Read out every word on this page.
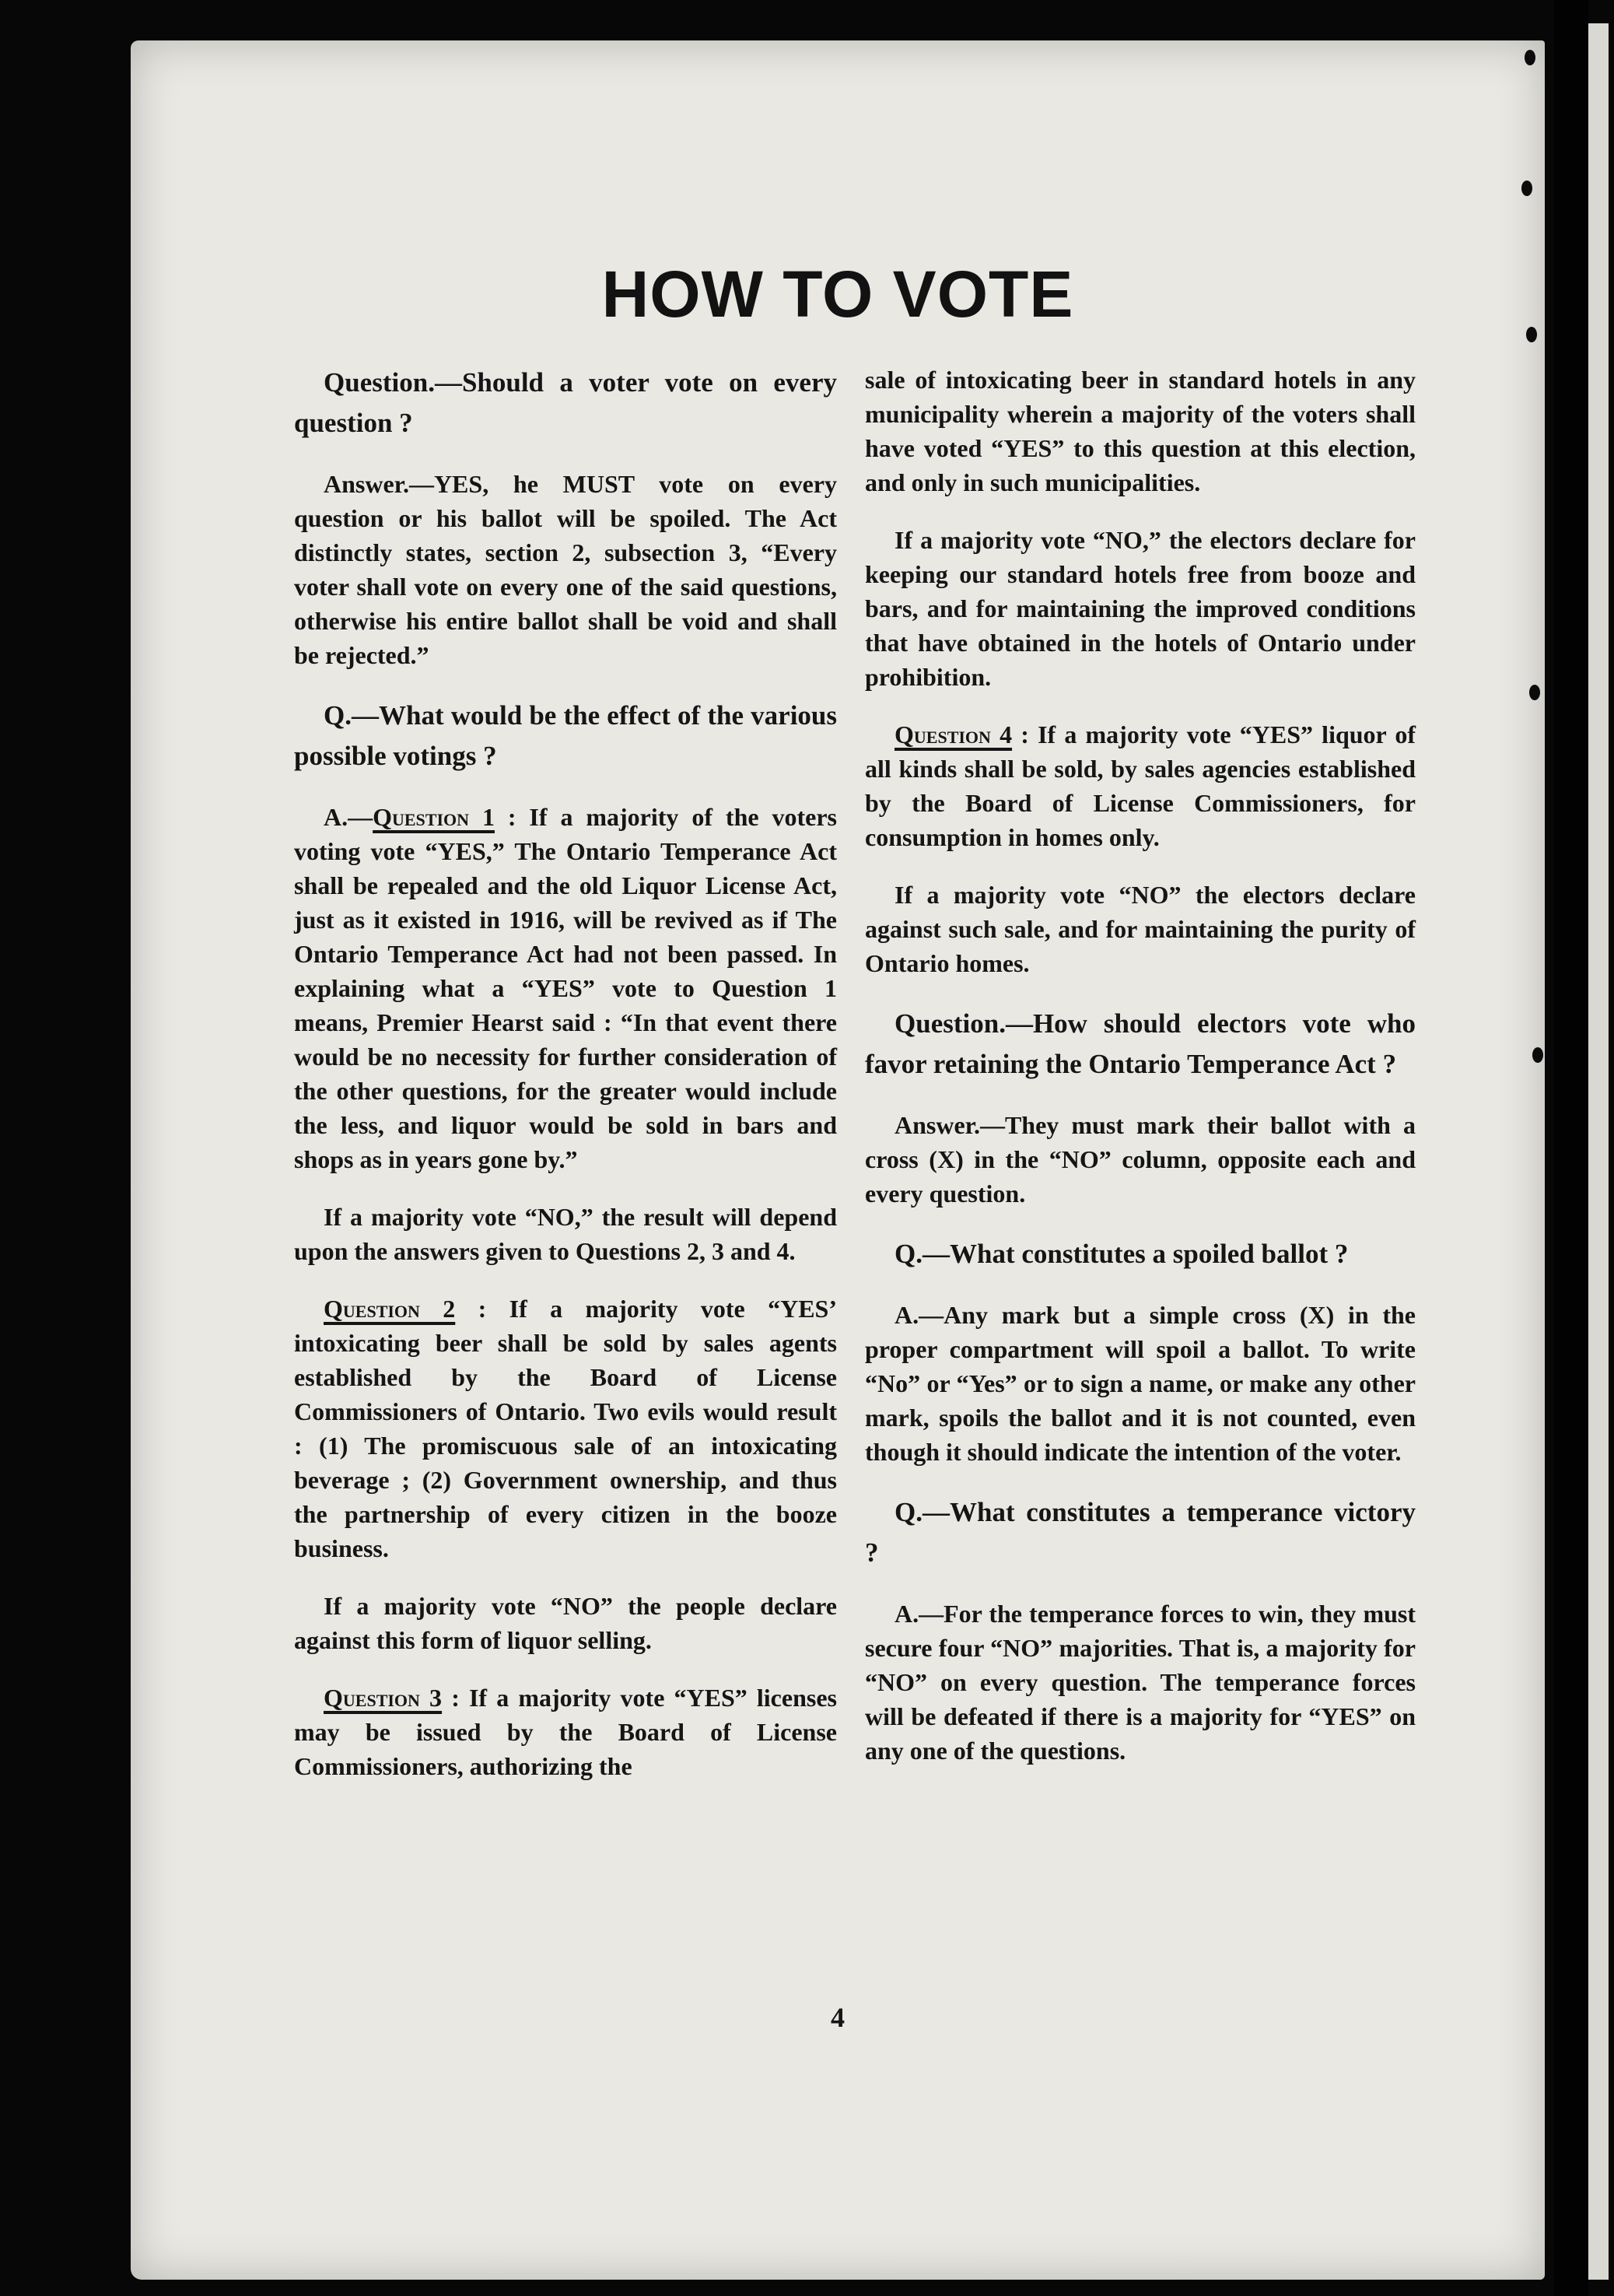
HOW TO VOTE

Question.—Should a voter vote on every question ?

Answer.—YES, he MUST vote on every question or his ballot will be spoiled. The Act distinctly states, section 2, subsection 3, “Every voter shall vote on every one of the said questions, otherwise his entire ballot shall be void and shall be rejected.”

Q.—What would be the effect of the various possible votings ?

A.—Question 1 : If a majority of the voters voting vote “YES,” The Ontario Temperance Act shall be repealed and the old Liquor License Act, just as it existed in 1916, will be revived as if The Ontario Temperance Act had not been passed. In explaining what a “YES” vote to Question 1 means, Premier Hearst said : “In that event there would be no necessity for further consideration of the other questions, for the greater would include the less, and liquor would be sold in bars and shops as in years gone by.”

If a majority vote “NO,” the result will depend upon the answers given to Questions 2, 3 and 4.

Question 2 : If a majority vote “YES’ intoxicating beer shall be sold by sales agents established by the Board of License Commissioners of Ontario. Two evils would result : (1) The promiscuous sale of an intoxicating beverage ; (2) Government ownership, and thus the partnership of every citizen in the booze business.

If a majority vote “NO” the people declare against this form of liquor selling.

Question 3 : If a majority vote “YES” licenses may be issued by the Board of License Commissioners, authorizing the

sale of intoxicating beer in standard hotels in any municipality wherein a majority of the voters shall have voted “YES” to this question at this election, and only in such municipalities.

If a majority vote “NO,” the electors declare for keeping our standard hotels free from booze and bars, and for maintaining the improved conditions that have obtained in the hotels of Ontario under prohibition.

Question 4 : If a majority vote “YES” liquor of all kinds shall be sold, by sales agencies established by the Board of License Commissioners, for consumption in homes only.

If a majority vote “NO” the electors declare against such sale, and for maintaining the purity of Ontario homes.

Question.—How should electors vote who favor retaining the Ontario Temperance Act ?

Answer.—They must mark their ballot with a cross (X) in the “NO” column, opposite each and every question.

Q.—What constitutes a spoiled ballot ?

A.—Any mark but a simple cross (X) in the proper compartment will spoil a ballot. To write “No” or “Yes” or to sign a name, or make any other mark, spoils the ballot and it is not counted, even though it should indicate the intention of the voter.

Q.—What constitutes a temperance victory ?

A.—For the temperance forces to win, they must secure four “NO” majorities. That is, a majority for “NO” on every question. The temperance forces will be defeated if there is a majority for “YES” on any one of the questions.

4
